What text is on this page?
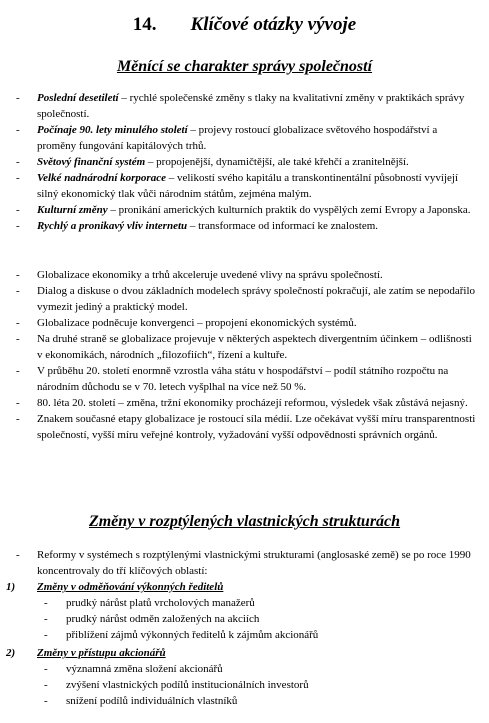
14. Klíčové otázky vývoje
Měnící se charakter správy společností
- Poslední desetiletí – rychlé společenské změny s tlaky na kvalitativní změny v praktikách správy společností.
- Počínaje 90. lety minulého století – projevy rostoucí globalizace světového hospodářství a proměny fungování kapitálových trhů.
- Světový finanční systém – propojenější, dynamičtější, ale také křehčí a zranitelnější.
- Velké nadnárodní korporace – velikostí svého kapitálu a transkontinentální působností vyvíjejí silný ekonomický tlak vůči národním státům, zejména malým.
- Kulturní změny – pronikání amerických kulturních praktik do vyspělých zemí Evropy a Japonska.
- Rychlý a pronikavý vliv internetu – transformace od informací ke znalostem.
- Globalizace ekonomiky a trhů akceleruje uvedené vlivy na správu společností.
- Dialog a diskuse o dvou základních modelech správy společností pokračují, ale zatím se nepodařilo vymezit jediný a praktický model.
- Globalizace podněcuje konvergenci – propojení ekonomických systémů.
- Na druhé straně se globalizace projevuje v některých aspektech divergentním účinkem – odlišnosti v ekonomikách, národních „filozofiích“, řízení a kultuře.
- V průběhu 20. století enormně vzrostla váha státu v hospodářství – podíl státního rozpočtu na národním důchodu se v 70. letech vyšplhal na více než 50 %.
- 80. léta 20. století – změna, tržní ekonomiky procházejí reformou, výsledek však zůstává nejasný.
- Znakem současné etapy globalizace je rostoucí síla médií. Lze očekávat vyšší míru transparentnosti společností, vyšší míru veřejné kontroly, vyžadování vyšší odpovědnosti správních orgánů.
Změny v rozptýlených vlastnických strukturách
- Reformy v systémech s rozptýlenými vlastnickými strukturami (anglosaské země) se po roce 1990 koncentrovaly do tří klíčových oblastí:
1) Změny v odměňování výkonných ředitelů
- prudký nárůst platů vrcholových manažerů
- prudký nárůst odměn založených na akciích
- přiblížení zájmů výkonných ředitelů k zájmům akcionářů
2) Změny v přístupu akcionářů
- významná změna složení akcionářů
- zvýšení vlastnických podílů institucionálních investorů
- snížení podílů individuálních vlastníků
